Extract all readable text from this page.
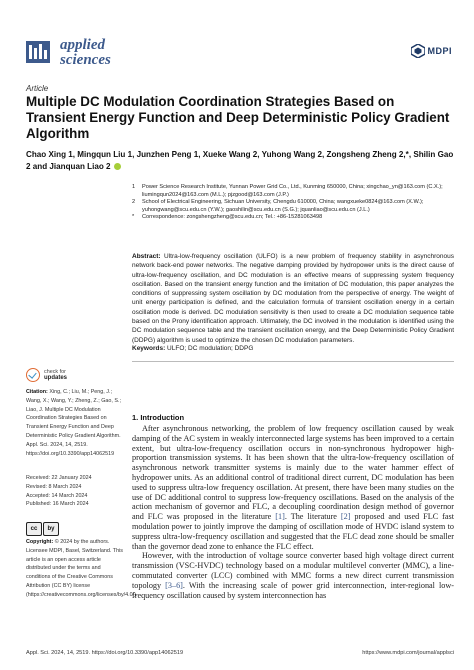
applied
sciences
MDPI
Article
Multiple DC Modulation Coordination Strategies Based on Transient Energy Function and Deep Deterministic Policy Gradient Algorithm
Chao Xing 1, Mingqun Liu 1, Junzhen Peng 1, Xueke Wang 2, Yuhong Wang 2, Zongsheng Zheng 2,*, Shilin Gao 2 and Jianquan Liao 2
1	Power Science Research Institute, Yunnan Power Grid Co., Ltd., Kunming 650000, China; xingchao_yn@163.com (C.X.); liumingqun2024@163.com (M.L.); pjzgood@163.com (J.P.)
2	School of Electrical Engineering, Sichuan University, Chengdu 610000, China; wangxueke0824@163.com (X.W.); yuhongwang@scu.edu.cn (Y.W.); gaoshilin@scu.edu.cn (S.G.); jquanliao@scu.edu.cn (J.L.)
*	Correspondence: zongshengzheng@scu.edu.cn; Tel.: +86-15281063498
Abstract: Ultra-low-frequency oscillation (ULFO) is a new problem of frequency stability in asynchronous network back-end power networks. The negative damping provided by hydropower units is the direct cause of ultra-low-frequency oscillation, and DC modulation is an effective means of suppressing system frequency oscillation. Based on the transient energy function and the limitation of DC modulation, this paper analyzes the conditions of suppressing system oscillation by DC modulation from the perspective of energy. The weight of unit energy participation is defined, and the calculation formula of transient oscillation energy in a certain oscillation mode is derived. DC modulation sensitivity is then used to create a DC modulation sequence table based on the Prony identification approach. Ultimately, the DC involved in the modulation is identified using the DC modulation sequence table and the transient oscillation energy, and the Deep Deterministic Policy Gradient (DDPG) algorithm is used to optimize the chosen DC modulation parameters.
Keywords: ULFO; DC modulation; DDPG
check for
updates
Citation: Xing, C.; Liu, M.; Peng, J.; Wang, X.; Wang, Y.; Zheng, Z.; Gao, S.; Liao, J. Multiple DC Modulation Coordination Strategies Based on Transient Energy Function and Deep Deterministic Policy Gradient Algorithm. Appl. Sci. 2024, 14, 2519. https://doi.org/10.3390/app14062519
Received: 22 January 2024
Revised: 8 March 2024
Accepted: 14 March 2024
Published: 16 March 2024
cc	by
Copyright: © 2024 by the authors. Licensee MDPI, Basel, Switzerland. This article is an open access article distributed under the terms and conditions of the Creative Commons Attribution (CC BY) license (https://creativecommons.org/licenses/by/4.0/).
1. Introduction

After asynchronous networking, the problem of low frequency oscillation caused by weak damping of the AC system in weakly interconnected large systems has been improved to a certain extent, but ultra-low-frequency oscillation occurs in non-synchronous hydropower high-proportion transmission systems. It has been shown that the ultra-low-frequency oscillation of asynchronous network transmitter systems is mainly due to the water hammer effect of hydropower units. As an additional control of traditional direct current, DC modulation has been used to suppress ultra-low frequency oscillation. At present, there have been many studies on the use of DC additional control to suppress low-frequency oscillations. Based on the analysis of the action mechanism of governor and FLC, a decoupling coordination design method of governor and FLC was proposed in the literature [1]. The literature [2] proposed and used FLC fast modulation power to jointly improve the damping of oscillation mode of HVDC island system to suppress ultra-low-frequency oscillation and suggested that the FLC dead zone should be smaller than the governor dead zone to enhance the FLC effect.

However, with the introduction of voltage source converter based high voltage direct current transmission (VSC-HVDC) technology based on a modular multilevel converter (MMC), a line-commutated converter (LCC) combined with MMC forms a new direct current transmission topology [3–6]. With the increasing scale of power grid interconnection, inter-regional low-frequency oscillation caused by system interconnection has

Appl. Sci. 2024, 14, 2519. https://doi.org/10.3390/app14062519	https://www.mdpi.com/journal/applsci
